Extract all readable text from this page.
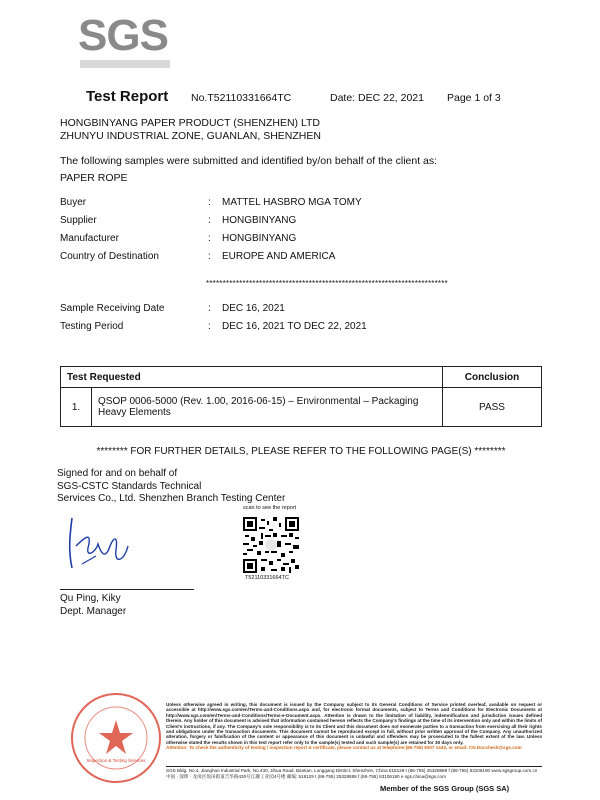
SGS
Test Report No.T52110331664TC	Date: DEC 22, 2021 Page 1 of 3
HONGBINYANG PAPER PRODUCT (SHENZHEN) LTD
ZHUNYU INDUSTRIAL ZONE, GUANLAN, SHENZHEN
The following samples were submitted and identified by/on behalf of the client as:
PAPER ROPE
Buyer	: MATTEL HASBRO MGA TOMY
Supplier	: HONGBINYANG
Manufacturer	: HONGBINYANG
Country of Destination	: EUROPE AND AMERICA
*************************************************************************
Sample Receiving Date	: DEC 16, 2021
Testing Period	: DEC 16, 2021 TO DEC 22, 2021
Test Requested		Conclusion
1.	QSOP 0006-5000 (Rev. 1.00, 2016-06-15) – Environmental – Packaging Heavy Elements	PASS
******** FOR FURTHER DETAILS, PLEASE REFER TO THE FOLLOWING PAGE(S) ********
Signed for and on behalf of
SGS-CSTC Standards Technical
Services Co., Ltd. Shenzhen Branch Testing Center
scan to see the report
T52110331664TC
Qu Ping, Kiky
Dept. Manager
Inspection & Testing Services
Unless otherwise agreed in writing, this document is issued by the Company subject to its General Conditions of Service printed overleaf, available on request or accessible at http://www.sgs.com/en/Terms-and-Conditions.aspx and, for electronic format documents, subject to Terms and Conditions for Electronic Documents at http://www.sgs.com/en/Terms-and-Conditions/Terms-e-Document.aspx. Attention is drawn to the limitation of liability, indemnification and jurisdiction issues defined therein. Any holder of this document is advised that information contained hereon reflects the Company's findings at the time of its intervention only and within the limits of Client's instructions, if any. The Company's sole responsibility is to its Client and this document does not exonerate parties to a transaction from exercising all their rights and obligations under the transaction documents. This document cannot be reproduced except in full, without prior written approval of the Company. Any unauthorized alteration, forgery or falsification of the content or appearance of this document is unlawful and offenders may be prosecuted to the fullest extent of the law. Unless otherwise stated the results shown in this test report refer only to the sample(s) tested and such sample(s) are retained for 30 days only.
Attention: To check the authenticity of testing / inspection report & certificate, please contact us at telephone:(86-755) 8307 1443, or email: CN.Doccheck@sgs.com
SGS Bldg. No.4, Jianghao Industrial Park, No.430, Jihua Road, Bantian, Longgang District, Shenzhen, China 518129 t (86-755) 25328888 f (86-755) 83106190 www.sgsgroup.com.cn
中国 · 深圳 · 龙岗区坂田街道吉华路430号江灏工业园4号楼 邮编: 518129 t (86-755) 25328888 f (86-755) 83106190 e sgs.china@sgs.com
Member of the SGS Group (SGS SA)
